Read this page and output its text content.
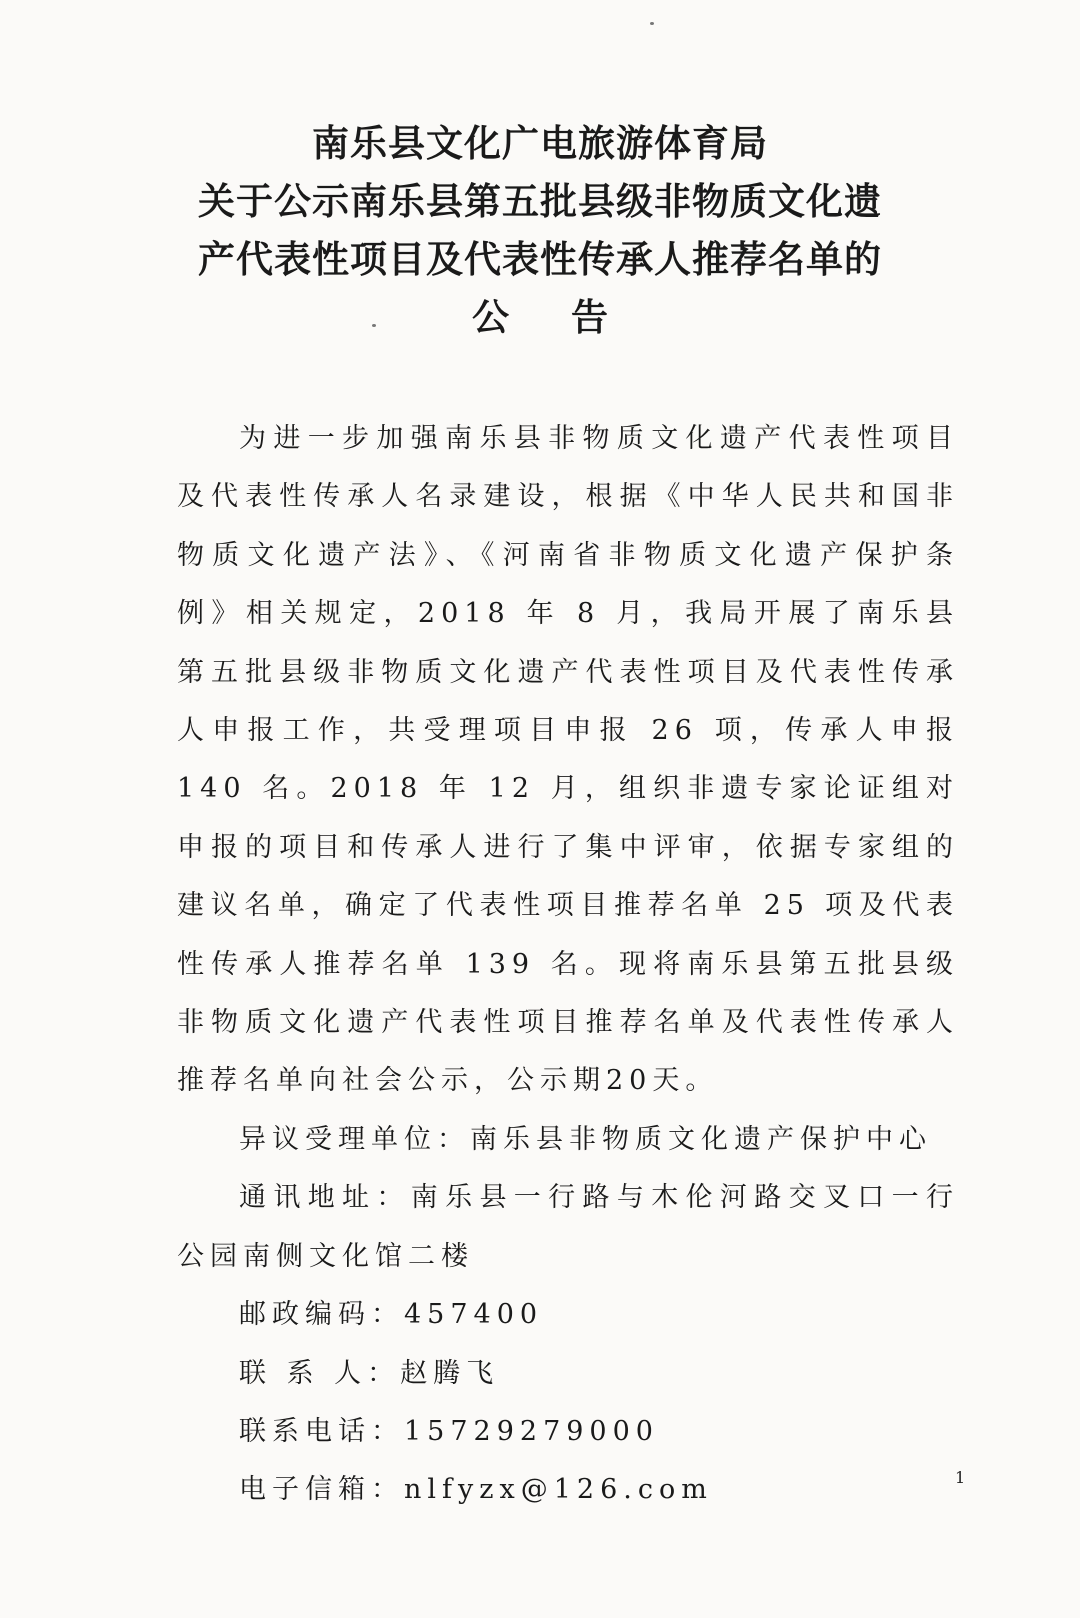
南乐县文化广电旅游体育局

关于公示南乐县第五批县级非物质文化遗

产代表性项目及代表性传承人推荐名单的

公告

为进一步加强南乐县非物质文化遗产代表性项目及代表性传承人名录建设，根据《中华人民共和国非物质文化遗产法》、《河南省非物质文化遗产保护条例》相关规定，2018 年 8 月，我局开展了南乐县第五批县级非物质文化遗产代表性项目及代表性传承人申报工作，共受理项目申报 26 项，传承人申报 140 名。2018 年 12 月，组织非遗专家论证组对申报的项目和传承人进行了集中评审，依据专家组的建议名单，确定了代表性项目推荐名单 25 项及代表性传承人推荐名单 139 名。现将南乐县第五批县级非物质文化遗产代表性项目推荐名单及代表性传承人推荐名单向社会公示，公示期20天。

异议受理单位：南乐县非物质文化遗产保护中心

通讯地址：南乐县一行路与木伦河路交叉口一行公园南侧文化馆二楼

邮政编码：457400

联 系 人：赵腾飞

联系电话：15729279000

电子信箱：nlfyzx@126.com	1
